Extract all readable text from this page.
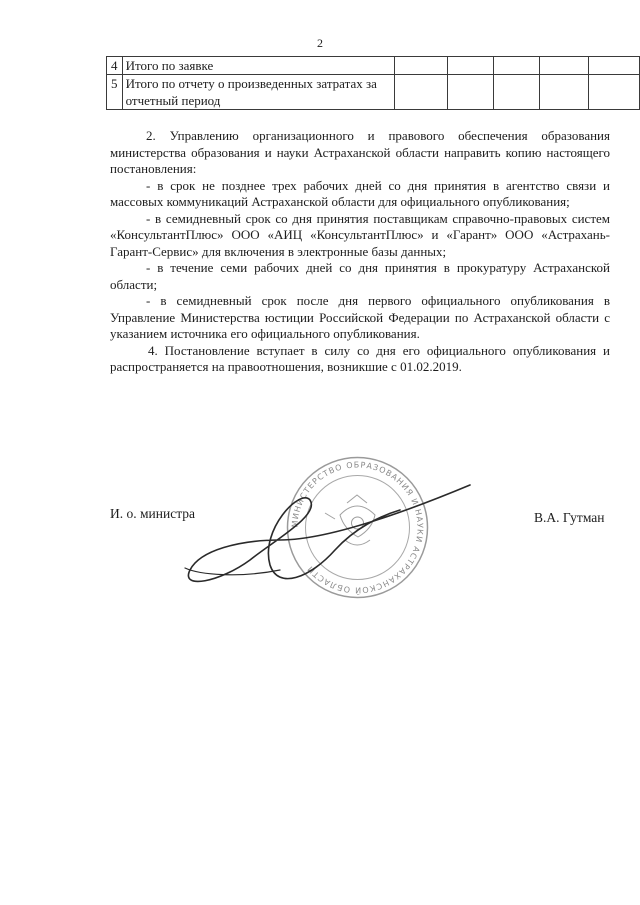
2
4	Итого по заявке					
5	Итого по отчету о произведенных затратах за отчетный период					

2. Управлению организационного и правового обеспечения образования министерства образования и науки Астраханской области направить копию настоящего постановления:

- в срок не позднее трех рабочих дней со дня принятия в агентство связи и массовых коммуникаций Астраханской области для официального опубликования;

- в семидневный срок со дня принятия поставщикам справочно-правовых систем «КонсультантПлюс» ООО «АИЦ «КонсультантПлюс» и «Гарант» ООО «Астрахань-Гарант-Сервис» для включения в электронные базы данных;

- в течение семи рабочих дней со дня принятия в прокуратуру Астраханской области;

- в семидневный срок после дня первого официального опубликования в Управление Министерства юстиции Российской Федерации по Астраханской области с указанием источника его официального опубликования.

4. Постановление вступает в силу со дня его официального опубликования и распространяется на правоотношения, возникшие с 01.02.2019.

МИНИСТЕРСТВО ОБРАЗОВАНИЯ И НАУКИ АСТРАХАНСКОЙ ОБЛАСТИ
И. о. министра	В.А. Гутман
